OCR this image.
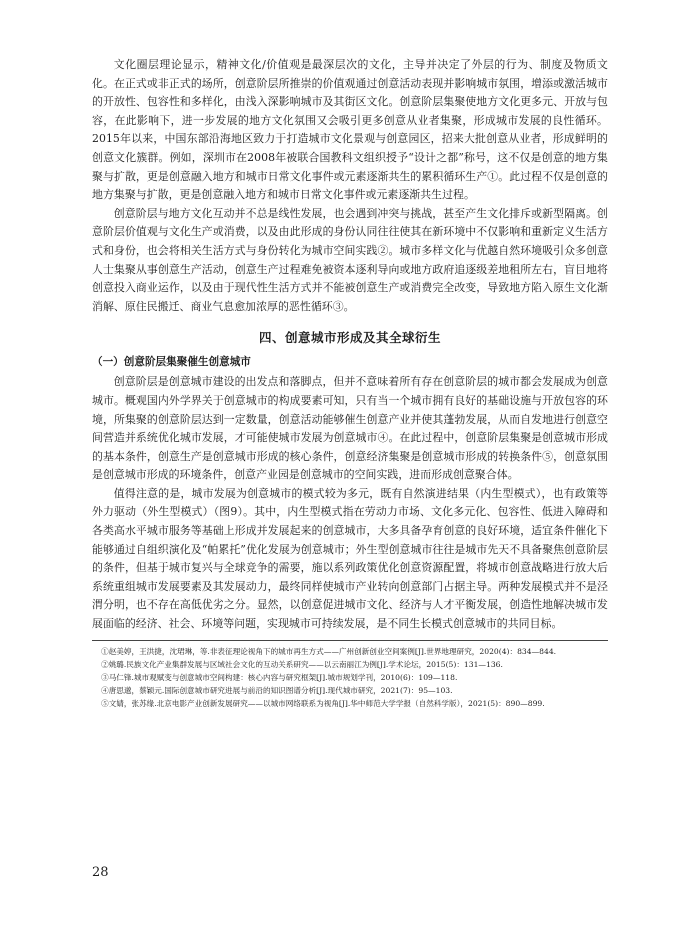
文化圈层理论显示，精神文化/价值观是最深层次的文化，主导并决定了外层的行为、制度及物质文化。在正式或非正式的场所，创意阶层所推崇的价值观通过创意活动表现并影响城市氛围，增添或激活城市的开放性、包容性和多样化，由浅入深影响城市及其街区文化。创意阶层集聚使地方文化更多元、开放与包容，在此影响下，进一步发展的地方文化氛围又会吸引更多创意从业者集聚，形成城市发展的良性循环。2015年以来，中国东部沿海地区致力于打造城市文化景观与创意园区，招来大批创意从业者，形成鲜明的创意文化簇群。例如，深圳市在2008年被联合国教科文组织授予“设计之都”称号，这不仅是创意的地方集聚与扩散，更是创意融入地方和城市日常文化事件或元素逐渐共生的累积循环生产①。此过程不仅是创意的地方集聚与扩散，更是创意融入地方和城市日常文化事件或元素逐渐共生过程。

创意阶层与地方文化互动并不总是线性发展，也会遇到冲突与挑战，甚至产生文化排斥或新型隔离。创意阶层价值观与文化生产或消费，以及由此形成的身份认同往往使其在新环境中不仅影响和重新定义生活方式和身份，也会将相关生活方式与身份转化为城市空间实践②。城市多样文化与优越自然环境吸引众多创意人士集聚从事创意生产活动，创意生产过程难免被资本逐利导向或地方政府追逐级差地租所左右，盲目地将创意投入商业运作，以及由于现代性生活方式并不能被创意生产或消费完全改变，导致地方陷入原生文化渐消解、原住民搬迁、商业气息愈加浓厚的恶性循环③。

四、创意城市形成及其全球衍生
（一）创意阶层集聚催生创意城市

创意阶层是创意城市建设的出发点和落脚点，但并不意味着所有存在创意阶层的城市都会发展成为创意城市。概观国内外学界关于创意城市的构成要素可知，只有当一个城市拥有良好的基础设施与开放包容的环境，所集聚的创意阶层达到一定数量，创意活动能够催生创意产业并使其蓬勃发展，从而自发地进行创意空间营造并系统优化城市发展，才可能使城市发展为创意城市④。在此过程中，创意阶层集聚是创意城市形成的基本条件，创意生产是创意城市形成的核心条件，创意经济集聚是创意城市形成的转换条件⑤，创意氛围是创意城市形成的环境条件，创意产业园是创意城市的空间实践，进而形成创意聚合体。

值得注意的是，城市发展为创意城市的模式较为多元，既有自然演进结果（内生型模式），也有政策等外力驱动（外生型模式）（图9）。其中，内生型模式指在劳动力市场、文化多元化、包容性、低进入障碍和各类高水平城市服务等基础上形成并发展起来的创意城市，大多具备孕育创意的良好环境，适宜条件催化下能够通过自组织演化及“帕累托”优化发展为创意城市；外生型创意城市往往是城市先天不具备聚焦创意阶层的条件，但基于城市复兴与全球竞争的需要，施以系列政策优化创意资源配置，将城市创意战略进行放大后系统重组城市发展要素及其发展动力，最终同样使城市产业转向创意部门占据主导。两种发展模式并不是泾渭分明，也不存在高低优劣之分。显然，以创意促进城市文化、经济与人才平衡发展，创造性地解决城市发展面临的经济、社会、环境等问题，实现城市可持续发展，是不同生长模式创意城市的共同目标。

①赵美婷，王洪捷，沈珺琳，等.非表征理论视角下的城市再生方式——广州创新创业空间案例[J].世界地理研究，2020(4)：834—844.

②姚璐.民族文化产业集群发展与区域社会文化的互动关系研究——以云南丽江为例[J].学术论坛，2015(5)：131—136.

③马仁锋.城市观赋变与创意城市空间构建：核心内容与研究框架[J].城市规划学刊，2010(6)：109—118.

④唐思邈，蔡颖元.国际创意城市研究进展与前沿的知识图谱分析[J].现代城市研究，2021(7)：95—103.

⑤文婧，张苏缘.北京电影产业创新发展研究——以城市网络联系为视角[J].华中师范大学学报（自然科学版），2021(5)：890—899.

28
